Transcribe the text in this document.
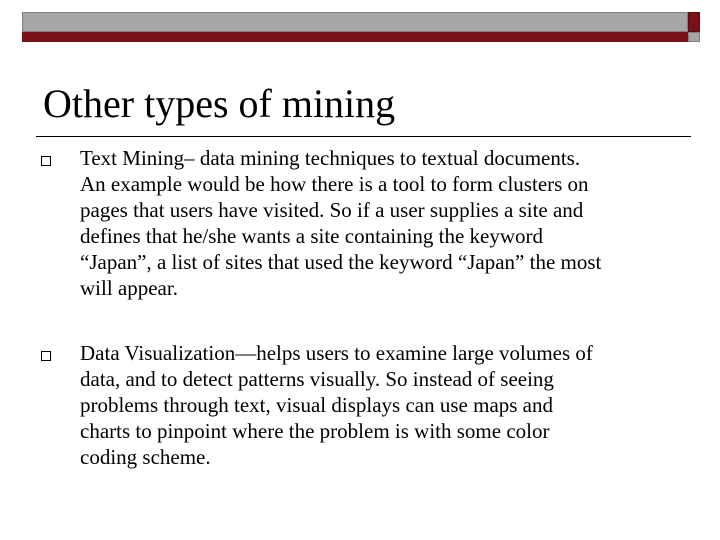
Other types of mining
Text Mining– data mining techniques to textual documents.
An example would be how there is a tool to form clusters on
pages that users have visited. So if a user supplies a site and
defines that he/she wants a site containing the keyword
“Japan”, a list of sites that used the keyword “Japan” the most
will appear.
Data Visualization—helps users to examine large volumes of
data, and to detect patterns visually. So instead of seeing
problems through text, visual displays can use maps and
charts to pinpoint where the problem is with some color
coding scheme.
